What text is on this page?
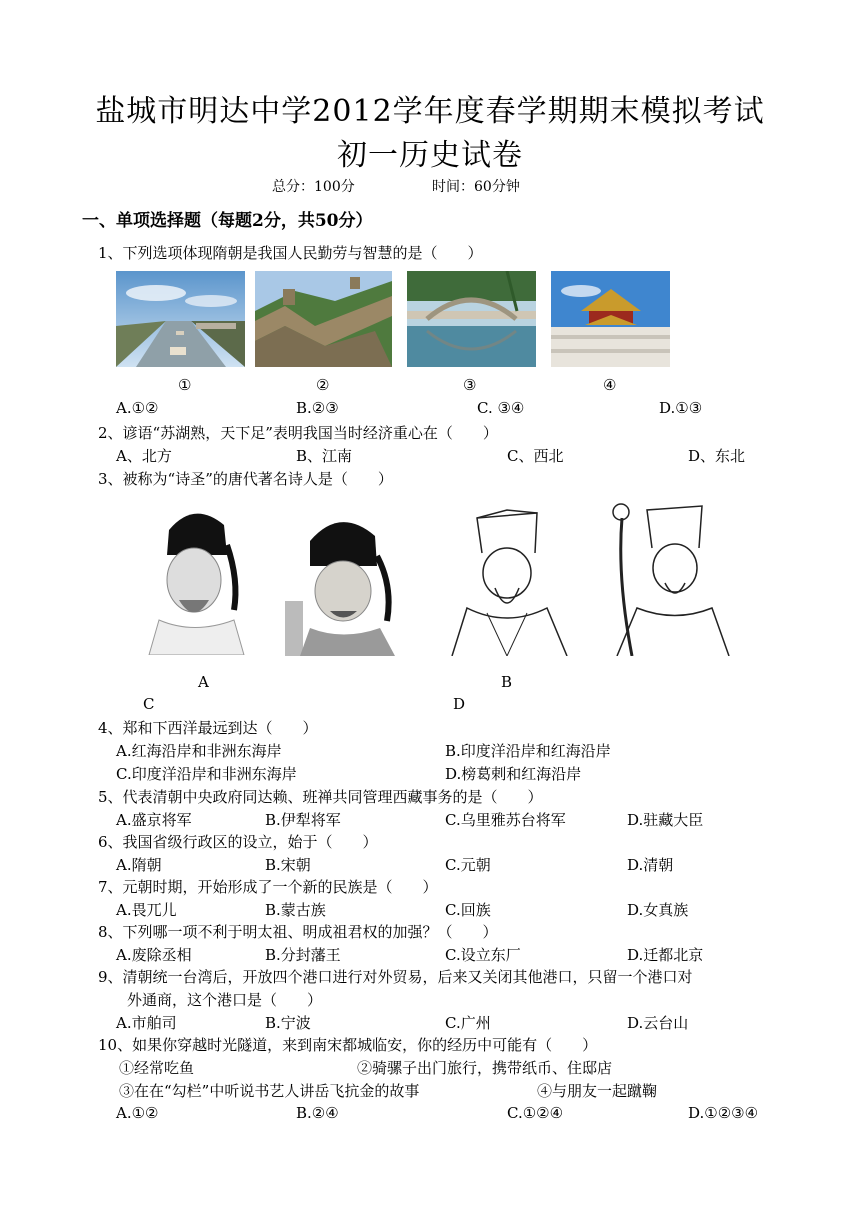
盐城市明达中学2012学年度春学期期末模拟考试
初一历史试卷
总分：100分	时间：60分钟
一、单项选择题（每题2分，共50分）
1、下列选项体现隋朝是我国人民勤劳与智慧的是（　　）
①	②	③	④
A.①②	B.②③	C. ③④	D.①③
2、谚语“苏湖熟，天下足”表明我国当时经济重心在（　　）
A、北方	B、江南	C、西北	D、东北
3、被称为“诗圣”的唐代著名诗人是（　　）
A	B
C	D
4、郑和下西洋最远到达（　　）
A.红海沿岸和非洲东海岸	B.印度洋沿岸和红海沿岸
C.印度洋沿岸和非洲东海岸	D.榜葛剌和红海沿岸
5、代表清朝中央政府同达赖、班禅共同管理西藏事务的是（　　）
A.盛京将军	B.伊犁将军	C.乌里雅苏台将军	D.驻藏大臣
6、我国省级行政区的设立，始于（　　）
A.隋朝	B.宋朝	C.元朝	D.清朝
7、元朝时期，开始形成了一个新的民族是（　　）
A.畏兀儿	B.蒙古族	C.回族	D.女真族
8、下列哪一项不利于明太祖、明成祖君权的加强？（　　）
A.废除丞相	B.分封藩王	C.设立东厂	D.迁都北京
9、清朝统一台湾后，开放四个港口进行对外贸易，后来又关闭其他港口，只留一个港口对
外通商，这个港口是（　　）
A.市舶司	B.宁波	C.广州	D.云台山
10、如果你穿越时光隧道，来到南宋都城临安，你的经历中可能有（　　）
①经常吃鱼	②骑骡子出门旅行，携带纸币、住邸店
③在在“勾栏”中听说书艺人讲岳飞抗金的故事	④与朋友一起蹴鞠
A.①②	B.②④	C.①②④	D.①②③④
